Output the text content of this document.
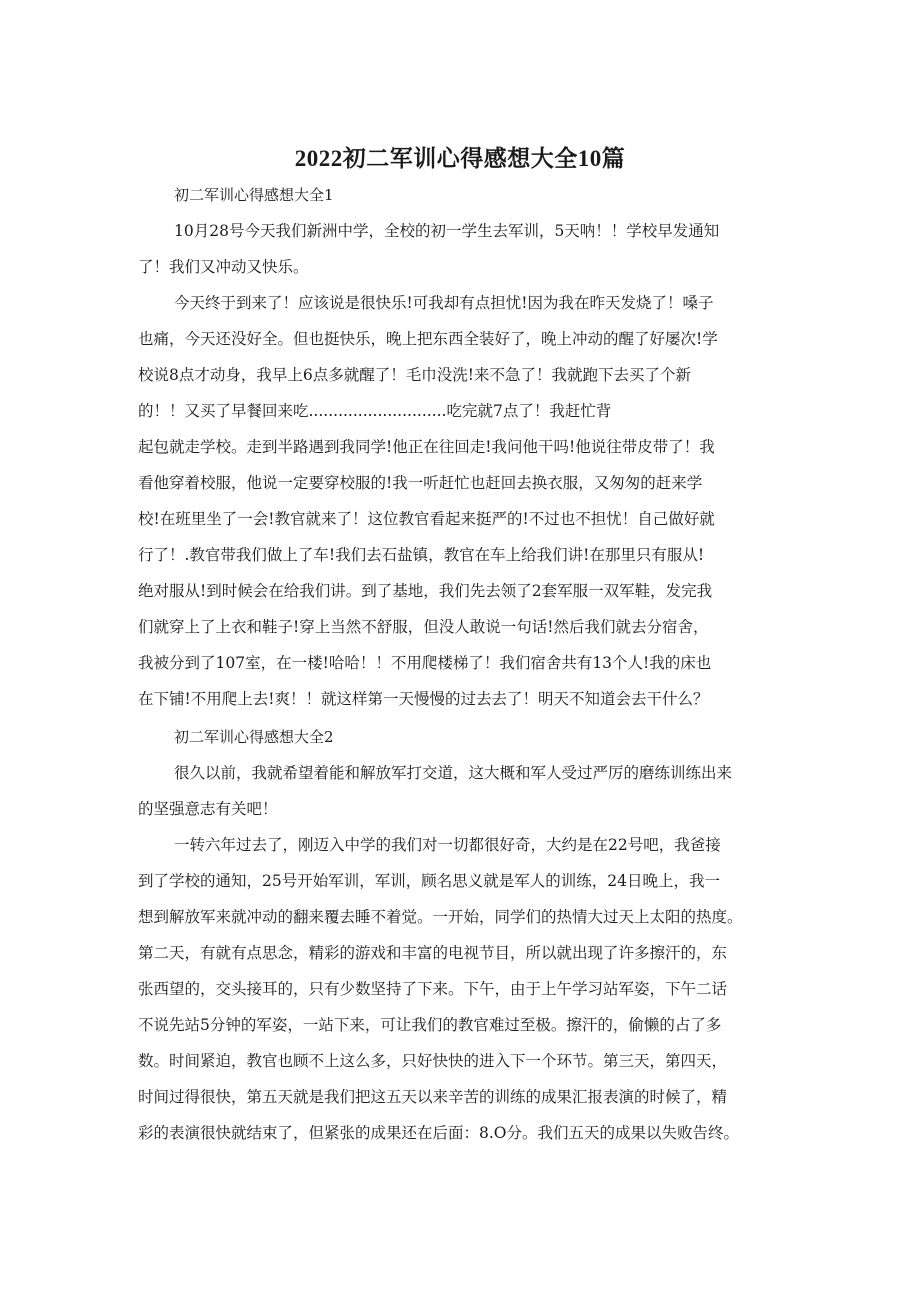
2022初二军训心得感想大全10篇
初二军训心得感想大全1
10月28号今天我们新洲中学，全校的初一学生去军训，5天呐！！学校早发通知
了！我们又冲动又快乐。
今天终于到来了！应该说是很快乐!可我却有点担忧!因为我在昨天发烧了！嗓子
也痛，今天还没好全。但也挺快乐，晚上把东西全装好了，晚上冲动的醒了好屡次!学
校说8点才动身，我早上6点多就醒了！毛巾没洗!来不急了！我就跑下去买了个新
的！！又买了早餐回来吃............................吃完就7点了！我赶忙背
起包就走学校。走到半路遇到我同学!他正在往回走!我问他干吗!他说往带皮带了！我
看他穿着校服，他说一定要穿校服的!我一听赶忙也赶回去换衣服，又匆匆的赶来学
校!在班里坐了一会!教官就来了！这位教官看起来挺严的!不过也不担忧！自己做好就
行了！.教官带我们做上了车!我们去石盐镇，教官在车上给我们讲!在那里只有服从!
绝对服从!到时候会在给我们讲。到了基地，我们先去领了2套军服一双军鞋，发完我
们就穿上了上衣和鞋子!穿上当然不舒服，但没人敢说一句话!然后我们就去分宿舍，
我被分到了107室，在一楼!哈哈！！不用爬楼梯了！我们宿舍共有13个人!我的床也
在下铺!不用爬上去!爽！！就这样第一天慢慢的过去去了！明天不知道会去干什么？
初二军训心得感想大全2
很久以前，我就希望着能和解放军打交道，这大概和军人受过严厉的磨练训练出来
的坚强意志有关吧！
一转六年过去了，刚迈入中学的我们对一切都很好奇，大约是在22号吧，我爸接
到了学校的通知，25号开始军训，军训，顾名思义就是军人的训练，24日晚上，我一
想到解放军来就冲动的翻来覆去睡不着觉。一开始，同学们的热情大过天上太阳的热度。
第二天，有就有点思念，精彩的游戏和丰富的电视节目，所以就出现了许多擦汗的，东
张西望的，交头接耳的，只有少数坚持了下来。下午，由于上午学习站军姿，下午二话
不说先站5分钟的军姿，一站下来，可让我们的教官难过至极。擦汗的，偷懒的占了多
数。时间紧迫，教官也顾不上这么多，只好快快的进入下一个环节。第三天，第四天，
时间过得很快，第五天就是我们把这五天以来辛苦的训练的成果汇报表演的时候了，精
彩的表演很快就结束了，但紧张的成果还在后面：8.O分。我们五天的成果以失败告终。
